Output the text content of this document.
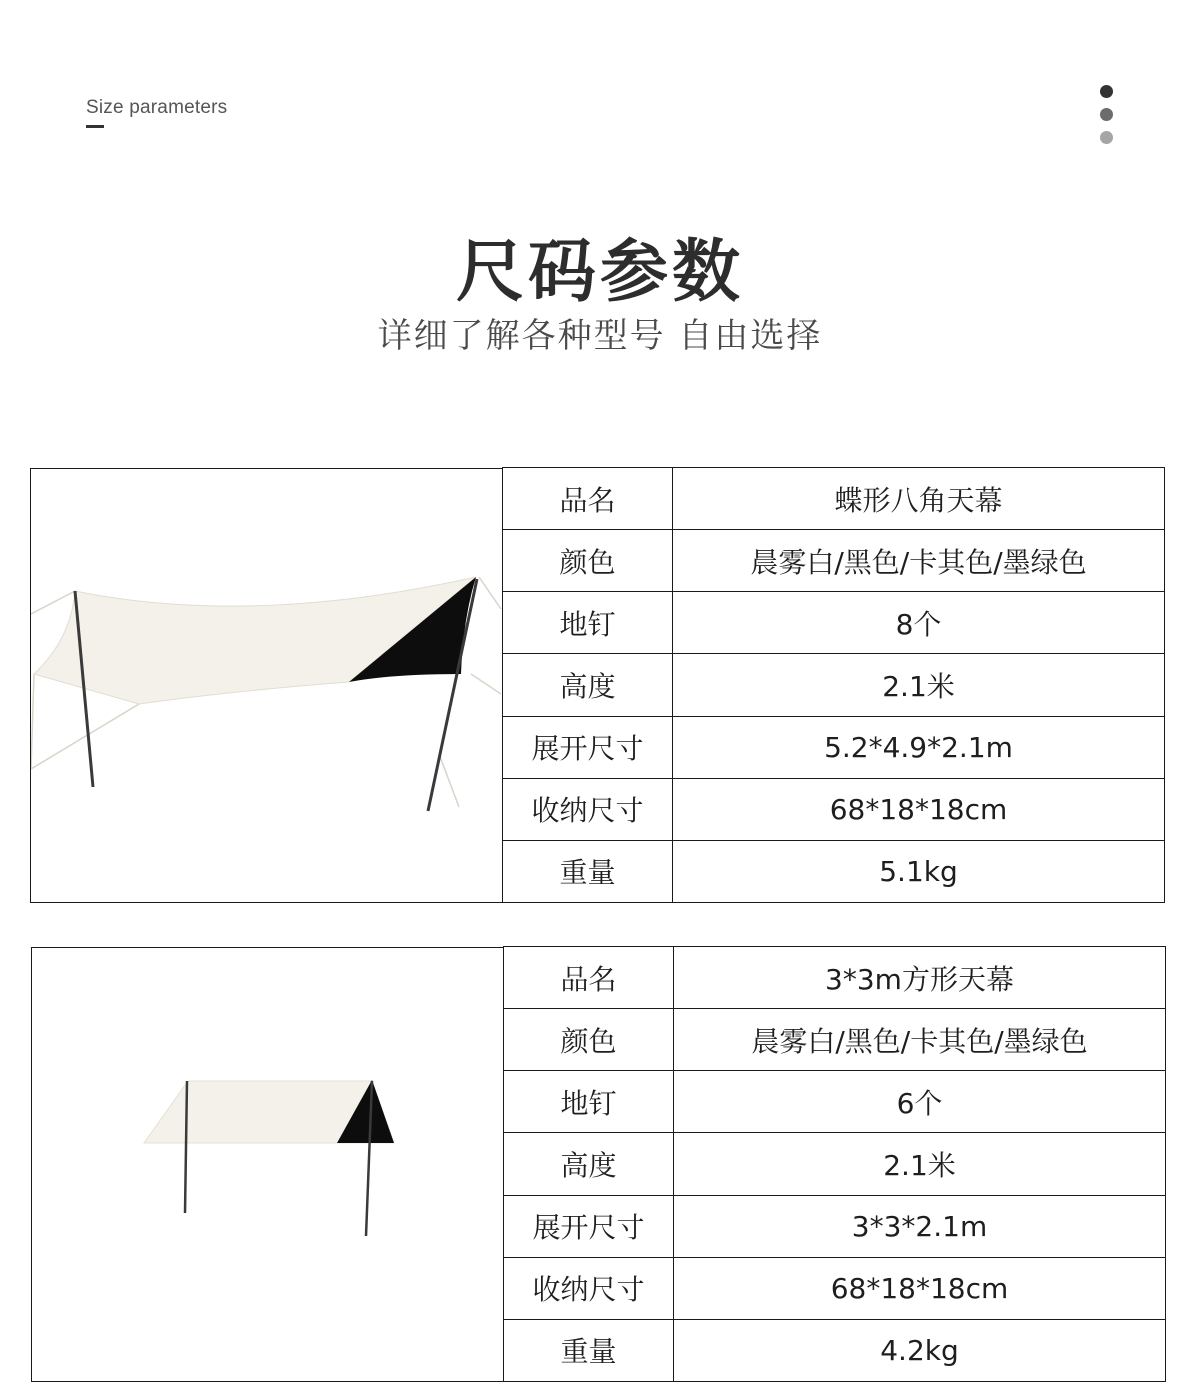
Size parameters
尺码参数
详细了解各种型号 自由选择
品名	蝶形八角天幕
颜色	晨雾白/黑色/卡其色/墨绿色
地钉	8个
高度	2.1米
展开尺寸	5.2*4.9*2.1m
收纳尺寸	68*18*18cm
重量	5.1kg
品名	3*3m方形天幕
颜色	晨雾白/黑色/卡其色/墨绿色
地钉	6个
高度	2.1米
展开尺寸	3*3*2.1m
收纳尺寸	68*18*18cm
重量	4.2kg
